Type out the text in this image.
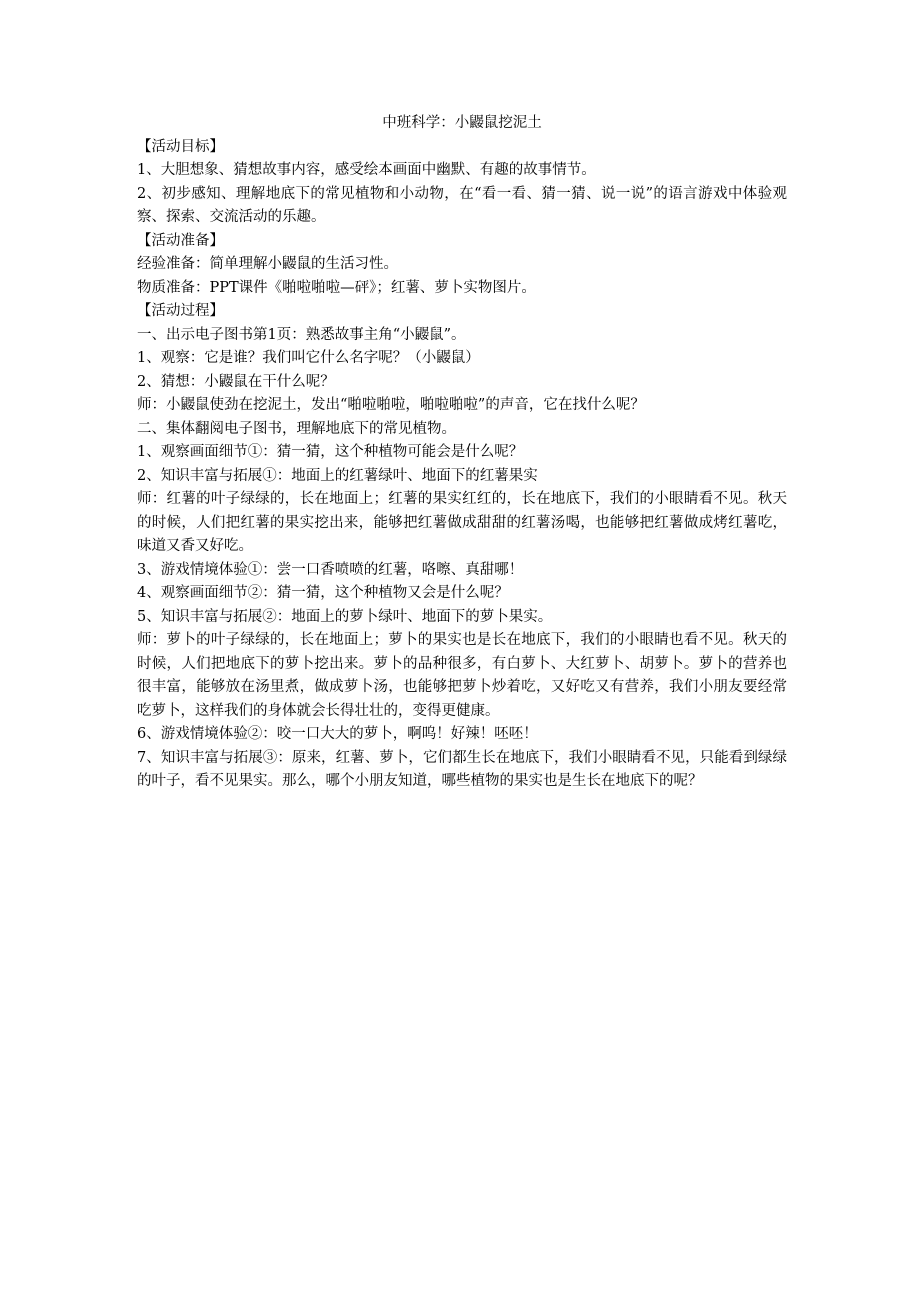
中班科学：小鼹鼠挖泥土

【活动目标】

1、大胆想象、猜想故事内容，感受绘本画面中幽默、有趣的故事情节。

2、初步感知、理解地底下的常见植物和小动物，在“看一看、猜一猜、说一说”的语言游戏中体验观察、探索、交流活动的乐趣。

【活动准备】

经验准备：简单理解小鼹鼠的生活习性。

物质准备：PPT课件《啪啦啪啦—砰》；红薯、萝卜实物图片。

【活动过程】

一、出示电子图书第1页：熟悉故事主角“小鼹鼠”。

1、观察：它是谁？我们叫它什么名字呢？（小鼹鼠）

2、猜想：小鼹鼠在干什么呢？

师：小鼹鼠使劲在挖泥土，发出“啪啦啪啦，啪啦啪啦”的声音，它在找什么呢？

二、集体翻阅电子图书，理解地底下的常见植物。

1、观察画面细节①：猜一猜，这个种植物可能会是什么呢？

2、知识丰富与拓展①：地面上的红薯绿叶、地面下的红薯果实

师：红薯的叶子绿绿的，长在地面上；红薯的果实红红的，长在地底下，我们的小眼睛看不见。秋天的时候，人们把红薯的果实挖出来，能够把红薯做成甜甜的红薯汤喝，也能够把红薯做成烤红薯吃，味道又香又好吃。

3、游戏情境体验①：尝一口香喷喷的红薯，咯嚓、真甜哪！

4、观察画面细节②：猜一猜，这个种植物又会是什么呢？

5、知识丰富与拓展②：地面上的萝卜绿叶、地面下的萝卜果实。

师：萝卜的叶子绿绿的，长在地面上；萝卜的果实也是长在地底下，我们的小眼睛也看不见。秋天的时候，人们把地底下的萝卜挖出来。萝卜的品种很多，有白萝卜、大红萝卜、胡萝卜。萝卜的营养也很丰富，能够放在汤里煮，做成萝卜汤，也能够把萝卜炒着吃，又好吃又有营养，我们小朋友要经常吃萝卜，这样我们的身体就会长得壮壮的，变得更健康。

6、游戏情境体验②：咬一口大大的萝卜，啊呜！好辣！呸呸！

7、知识丰富与拓展③：原来，红薯、萝卜，它们都生长在地底下，我们小眼睛看不见，只能看到绿绿的叶子，看不见果实。那么，哪个小朋友知道，哪些植物的果实也是生长在地底下的呢？
